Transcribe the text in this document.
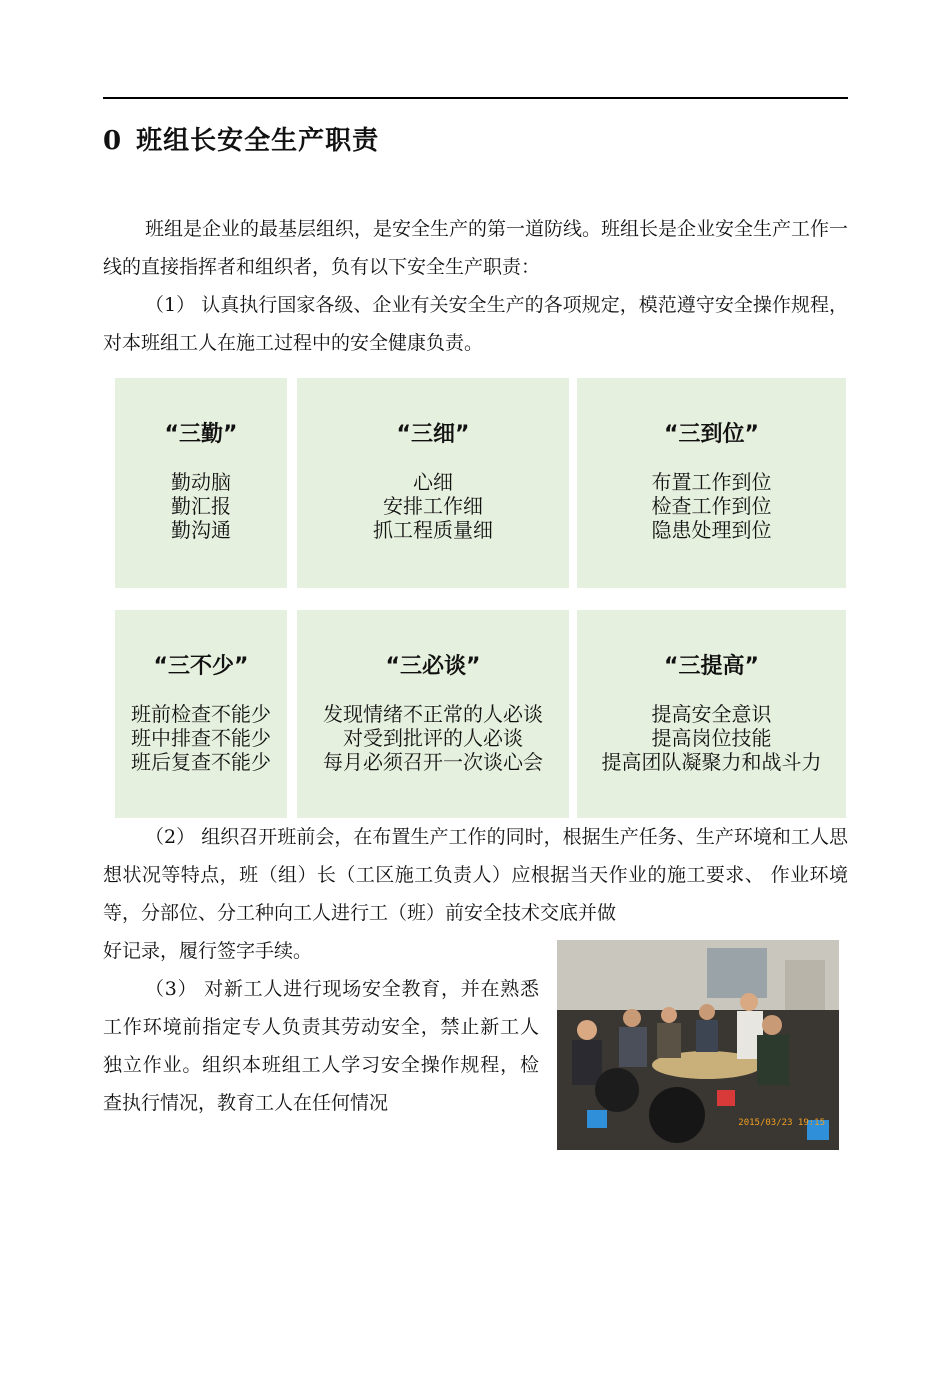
0 班组长安全生产职责

班组是企业的最基层组织，是安全生产的第一道防线。班组长是企业安全生产工作一线的直接指挥者和组织者，负有以下安全生产职责：

（1） 认真执行国家各级、企业有关安全生产的各项规定，模范遵守安全操作规程，对本班组工人在施工过程中的安全健康负责。

“三勤”
勤动脑
勤汇报
勤沟通
“三细”
心细
安排工作细
抓工程质量细
“三到位”
布置工作到位
检查工作到位
隐患处理到位
“三不少”
班前检查不能少
班中排查不能少
班后复查不能少
“三必谈”
发现情绪不正常的人必谈
对受到批评的人必谈
每月必须召开一次谈心会
“三提高”
提高安全意识
提高岗位技能
提高团队凝聚力和战斗力

（2） 组织召开班前会，在布置生产工作的同时，根据生产任务、生产环境和工人思想状况等特点，班（组）长（工区施工负责人）应根据当天作业的施工要求、 作业环境等，分部位、分工种向工人进行工（班）前安全技术交底并做
好记录，履行签字手续。

（3） 对新工人进行现场安全教育，并在熟悉工作环境前指定专人负责其劳动安全，禁止新工人独立作业。组织本班组工人学习安全操作规程，检查执行情况，教育工人在任何情况

2015/03/23 19:15
